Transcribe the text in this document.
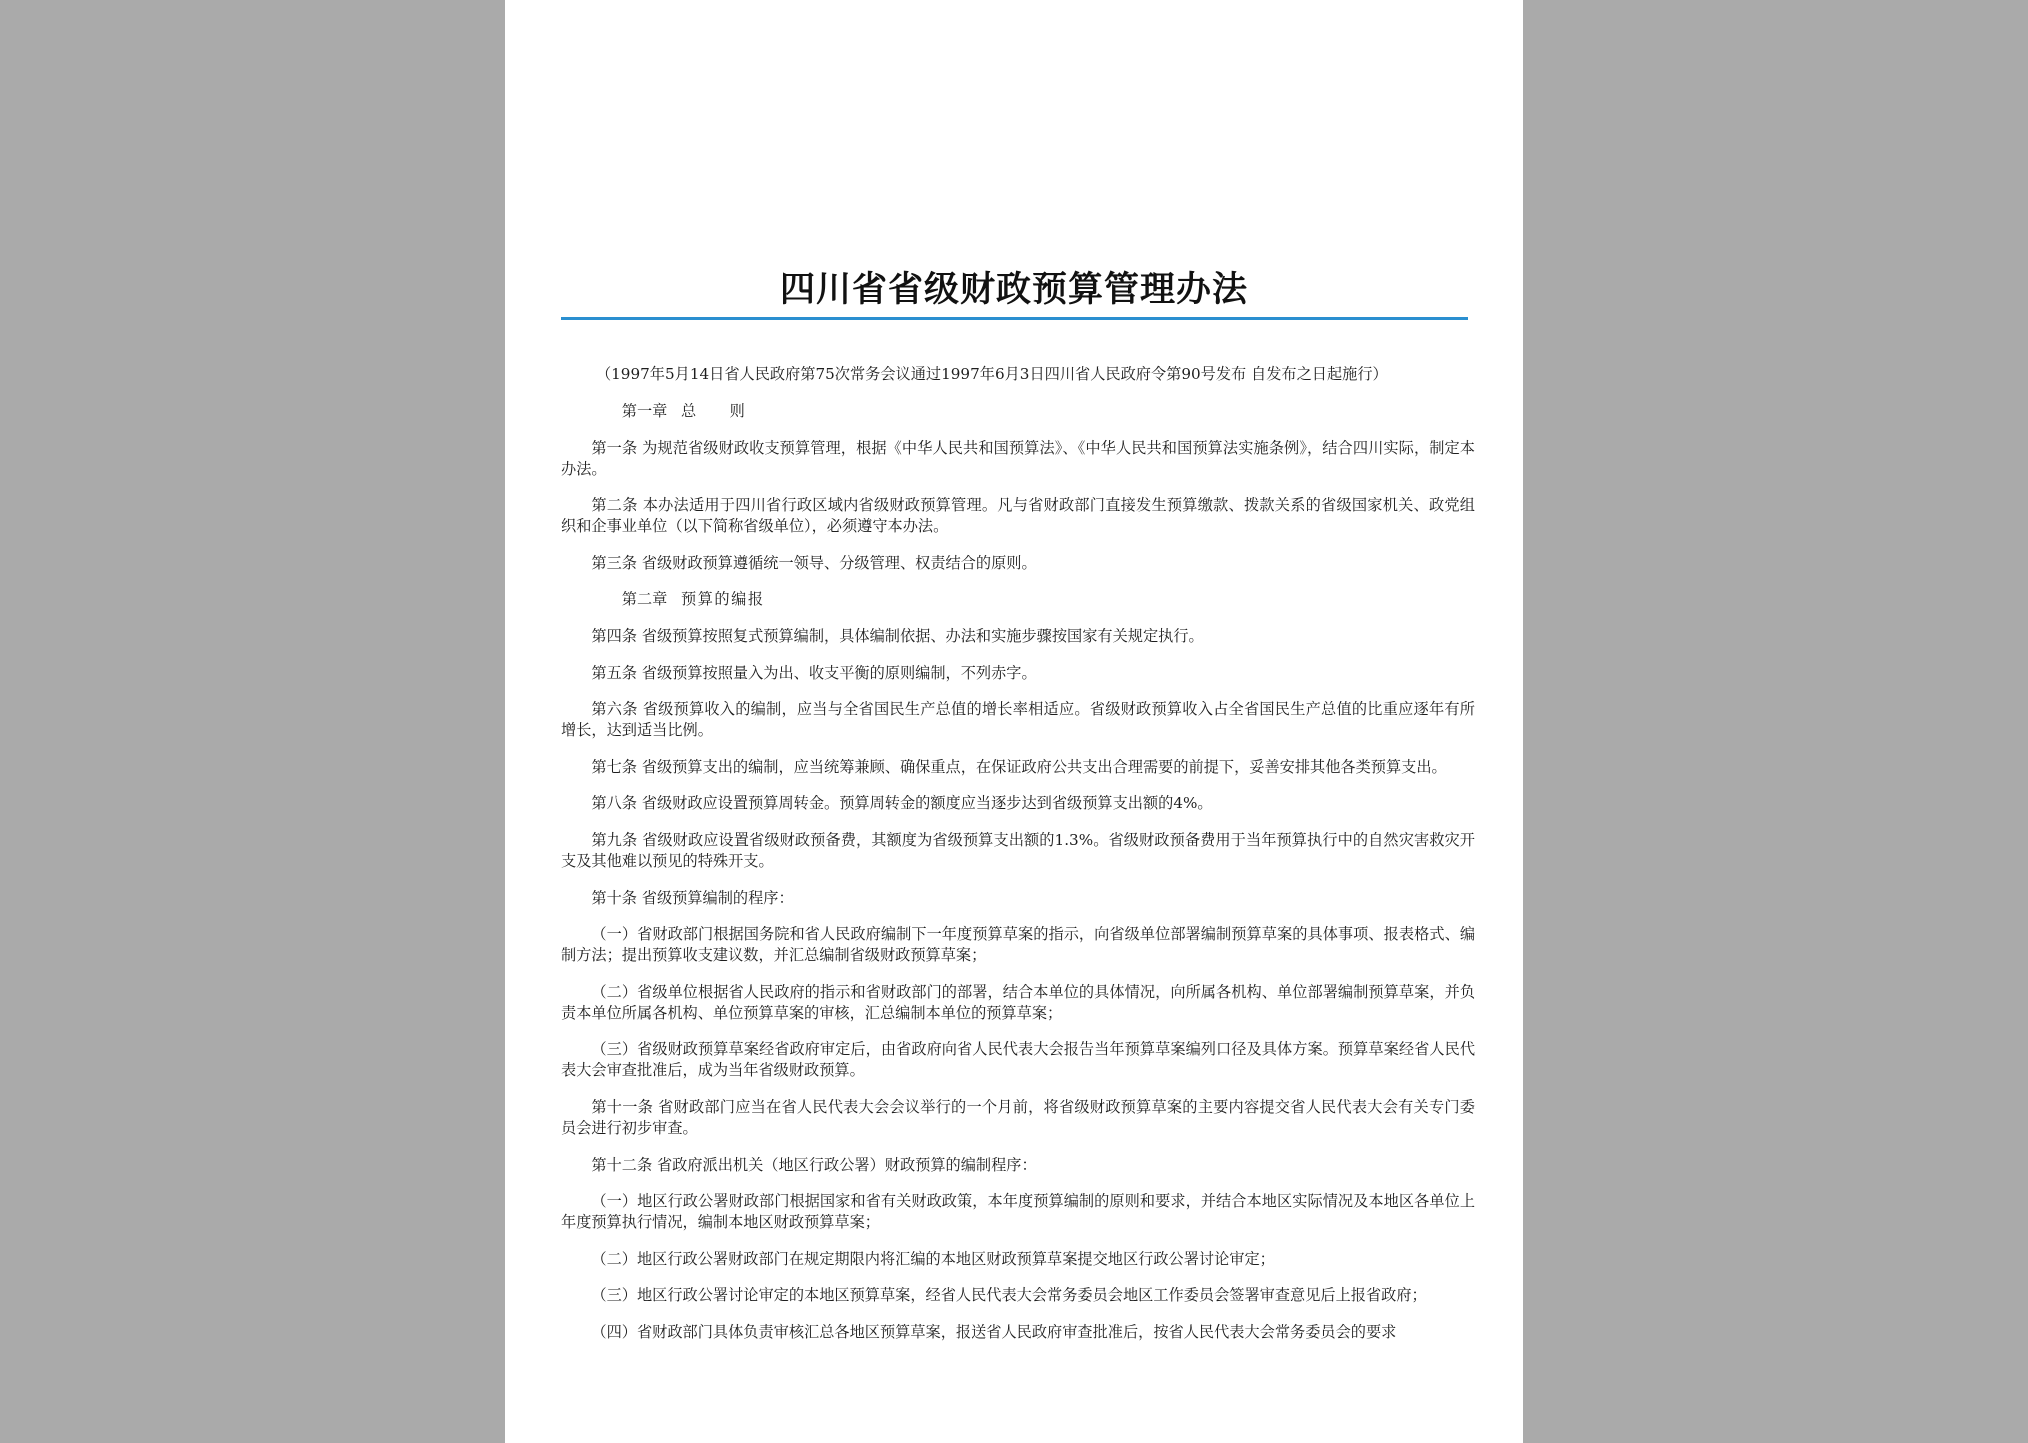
四川省省级财政预算管理办法

（1997年5月14日省人民政府第75次常务会议通过1997年6月3日四川省人民政府令第90号发布 自发布之日起施行）

第一章 总则

第一条 为规范省级财政收支预算管理，根据《中华人民共和国预算法》、《中华人民共和国预算法实施条例》，结合四川实际，制定本办法。

第二条 本办法适用于四川省行政区域内省级财政预算管理。凡与省财政部门直接发生预算缴款、拨款关系的省级国家机关、政党组织和企事业单位（以下简称省级单位），必须遵守本办法。

第三条 省级财政预算遵循统一领导、分级管理、权责结合的原则。

第二章 预算的编报

第四条 省级预算按照复式预算编制，具体编制依据、办法和实施步骤按国家有关规定执行。

第五条 省级预算按照量入为出、收支平衡的原则编制，不列赤字。

第六条 省级预算收入的编制，应当与全省国民生产总值的增长率相适应。省级财政预算收入占全省国民生产总值的比重应逐年有所增长，达到适当比例。

第七条 省级预算支出的编制，应当统筹兼顾、确保重点，在保证政府公共支出合理需要的前提下，妥善安排其他各类预算支出。

第八条 省级财政应设置预算周转金。预算周转金的额度应当逐步达到省级预算支出额的4%。

第九条 省级财政应设置省级财政预备费，其额度为省级预算支出额的1.3%。省级财政预备费用于当年预算执行中的自然灾害救灾开支及其他难以预见的特殊开支。

第十条 省级预算编制的程序：

（一）省财政部门根据国务院和省人民政府编制下一年度预算草案的指示，向省级单位部署编制预算草案的具体事项、报表格式、编制方法；提出预算收支建议数，并汇总编制省级财政预算草案；

（二）省级单位根据省人民政府的指示和省财政部门的部署，结合本单位的具体情况，向所属各机构、单位部署编制预算草案，并负责本单位所属各机构、单位预算草案的审核，汇总编制本单位的预算草案；

（三）省级财政预算草案经省政府审定后，由省政府向省人民代表大会报告当年预算草案编列口径及具体方案。预算草案经省人民代表大会审查批准后，成为当年省级财政预算。

第十一条 省财政部门应当在省人民代表大会会议举行的一个月前，将省级财政预算草案的主要内容提交省人民代表大会有关专门委员会进行初步审查。

第十二条 省政府派出机关（地区行政公署）财政预算的编制程序：

（一）地区行政公署财政部门根据国家和省有关财政政策，本年度预算编制的原则和要求，并结合本地区实际情况及本地区各单位上年度预算执行情况，编制本地区财政预算草案；

（二）地区行政公署财政部门在规定期限内将汇编的本地区财政预算草案提交地区行政公署讨论审定；

（三）地区行政公署讨论审定的本地区预算草案，经省人民代表大会常务委员会地区工作委员会签署审查意见后上报省政府；

（四）省财政部门具体负责审核汇总各地区预算草案，报送省人民政府审查批准后，按省人民代表大会常务委员会的要求
